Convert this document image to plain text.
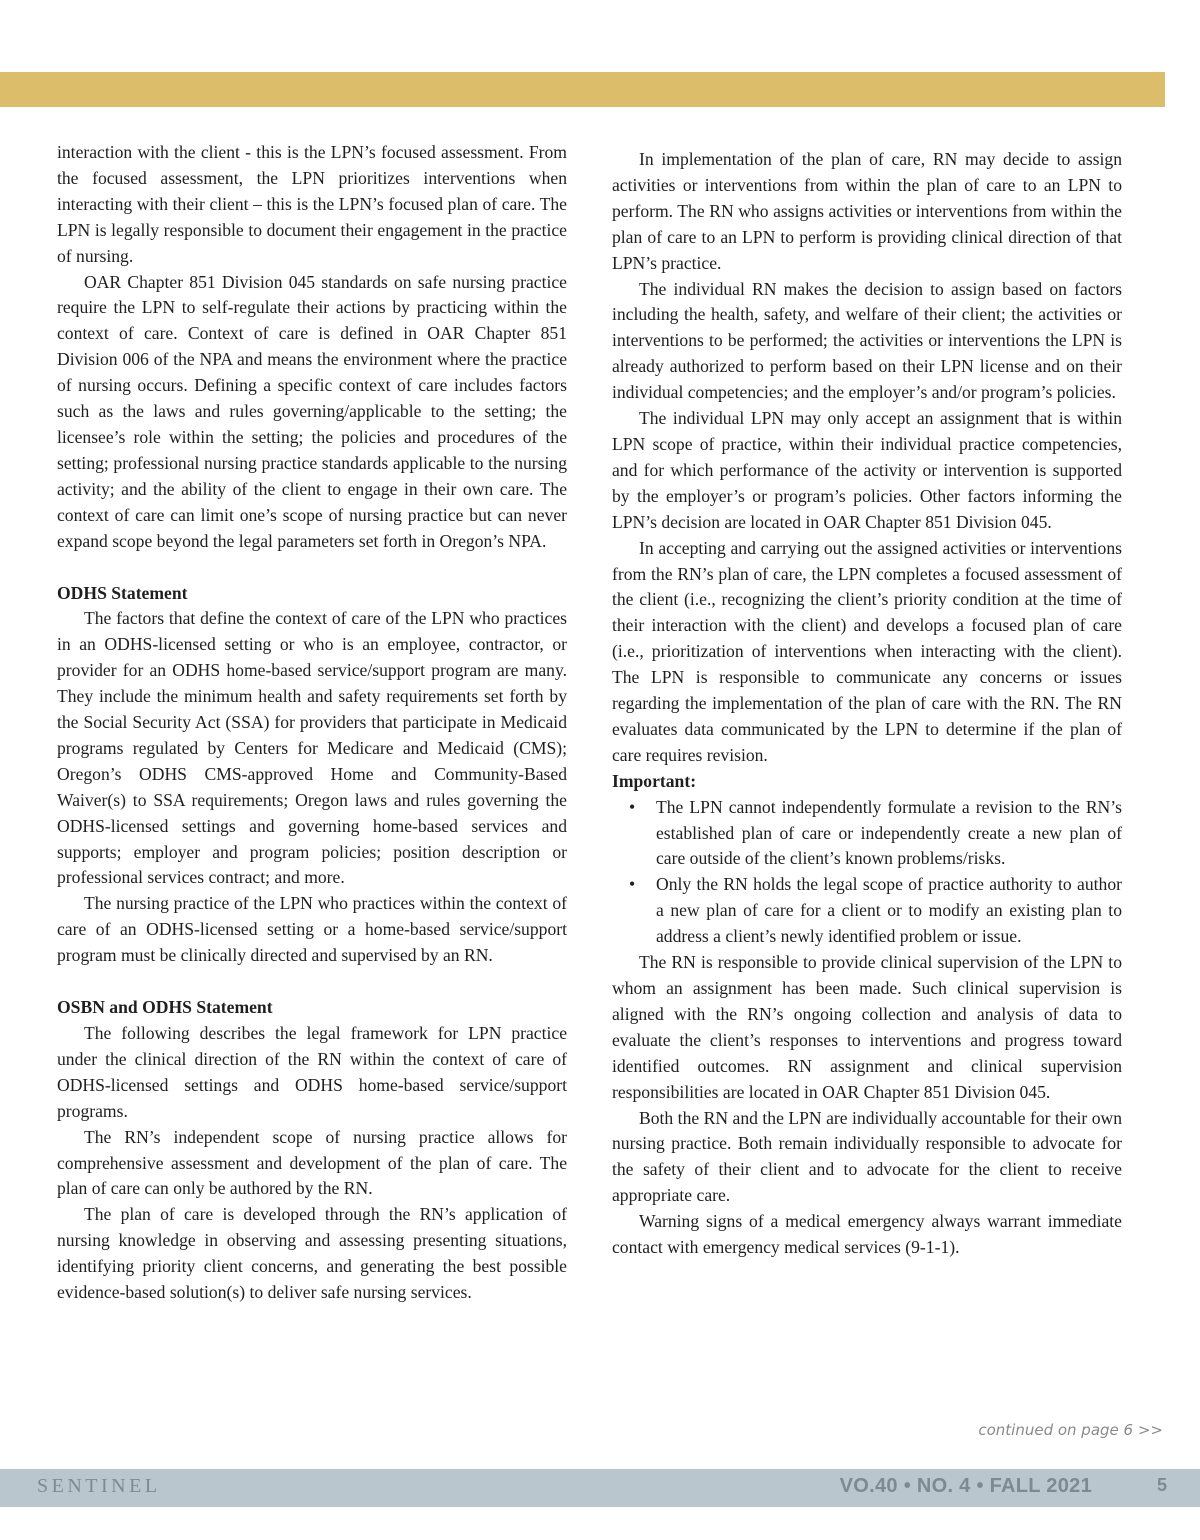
interaction with the client - this is the LPN’s focused assessment. From the focused assessment, the LPN prioritizes interventions when interacting with their client – this is the LPN’s focused plan of care. The LPN is legally responsible to document their engagement in the practice of nursing.

OAR Chapter 851 Division 045 standards on safe nursing practice require the LPN to self-regulate their actions by practicing within the context of care. Context of care is defined in OAR Chapter 851 Division 006 of the NPA and means the environment where the practice of nursing occurs. Defining a specific context of care includes factors such as the laws and rules governing/applicable to the setting; the licensee’s role within the setting; the policies and procedures of the setting; professional nursing practice standards applicable to the nursing activity; and the ability of the client to engage in their own care. The context of care can limit one’s scope of nursing practice but can never expand scope beyond the legal parameters set forth in Oregon’s NPA.

ODHS Statement

The factors that define the context of care of the LPN who practices in an ODHS-licensed setting or who is an employee, contractor, or provider for an ODHS home-based service/support program are many. They include the minimum health and safety requirements set forth by the Social Security Act (SSA) for providers that participate in Medicaid programs regulated by Centers for Medicare and Medicaid (CMS); Oregon’s ODHS CMS-approved Home and Community-Based Waiver(s) to SSA requirements; Oregon laws and rules governing the ODHS-licensed settings and governing home-based services and supports; employer and program policies; position description or professional services contract; and more.

The nursing practice of the LPN who practices within the context of care of an ODHS-licensed setting or a home-based service/support program must be clinically directed and supervised by an RN.

OSBN and ODHS Statement

The following describes the legal framework for LPN practice under the clinical direction of the RN within the context of care of ODHS-licensed settings and ODHS home-based service/support programs.

The RN’s independent scope of nursing practice allows for comprehensive assessment and development of the plan of care. The plan of care can only be authored by the RN.

The plan of care is developed through the RN’s application of nursing knowledge in observing and assessing presenting situations, identifying priority client concerns, and generating the best possible evidence-based solution(s) to deliver safe nursing services.

In implementation of the plan of care, RN may decide to assign activities or interventions from within the plan of care to an LPN to perform. The RN who assigns activities or interventions from within the plan of care to an LPN to perform is providing clinical direction of that LPN’s practice.

The individual RN makes the decision to assign based on factors including the health, safety, and welfare of their client; the activities or interventions to be performed; the activities or interventions the LPN is already authorized to perform based on their LPN license and on their individual competencies; and the employer’s and/or program’s policies.

The individual LPN may only accept an assignment that is within LPN scope of practice, within their individual practice competencies, and for which performance of the activity or intervention is supported by the employer’s or program’s policies. Other factors informing the LPN’s decision are located in OAR Chapter 851 Division 045.

In accepting and carrying out the assigned activities or interventions from the RN’s plan of care, the LPN completes a focused assessment of the client (i.e., recognizing the client’s priority condition at the time of their interaction with the client) and develops a focused plan of care (i.e., prioritization of interventions when interacting with the client). The LPN is responsible to communicate any concerns or issues regarding the implementation of the plan of care with the RN. The RN evaluates data communicated by the LPN to determine if the plan of care requires revision.

Important:

• The LPN cannot independently formulate a revision to the RN’s established plan of care or independently create a new plan of care outside of the client’s known problems/risks.
• Only the RN holds the legal scope of practice authority to author a new plan of care for a client or to modify an existing plan to address a client’s newly identified problem or issue.

The RN is responsible to provide clinical supervision of the LPN to whom an assignment has been made. Such clinical supervision is aligned with the RN’s ongoing collection and analysis of data to evaluate the client’s responses to interventions and progress toward identified outcomes. RN assignment and clinical supervision responsibilities are located in OAR Chapter 851 Division 045.

Both the RN and the LPN are individually accountable for their own nursing practice. Both remain individually responsible to advocate for the safety of their client and to advocate for the client to receive appropriate care.

Warning signs of a medical emergency always warrant immediate contact with emergency medical services (9-1-1).

continued on page 6 >>
SENTINEL	VO.40 • NO. 4 • FALL 2021	5
